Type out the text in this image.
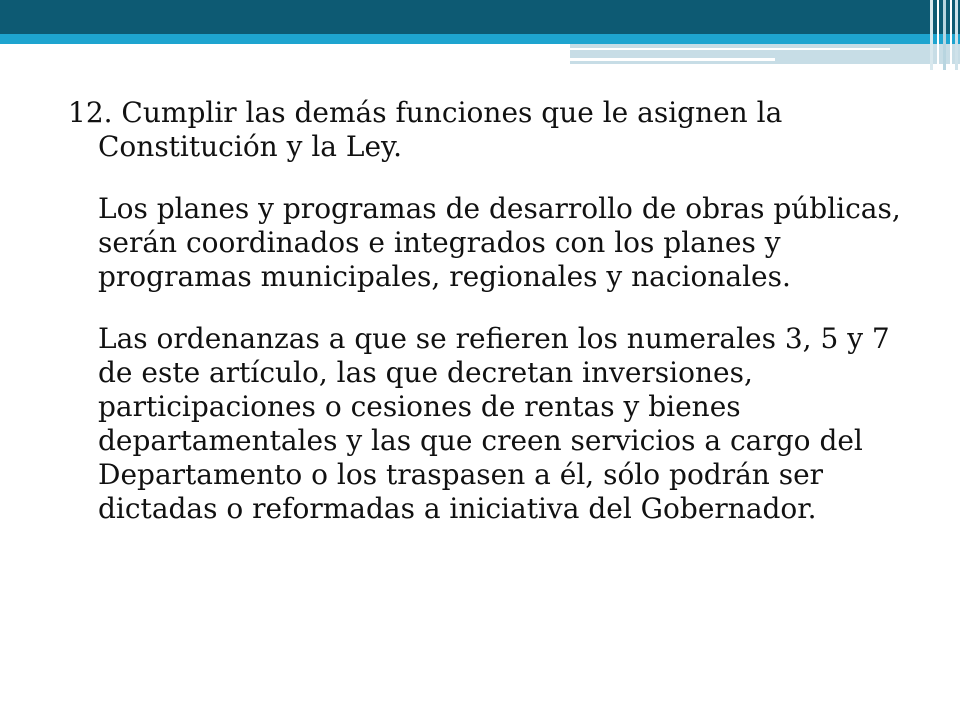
12. Cumplir las demás funciones que le asignen la Constitución y la Ley.

Los planes y programas de desarrollo de obras públicas, serán coordinados e integrados con los planes y programas municipales, regionales y nacionales.

Las ordenanzas a que se refieren los numerales 3, 5 y 7 de este artículo, las que decretan inversiones, participaciones o cesiones de rentas y bienes departamentales y las que creen servicios a cargo del Departamento o los traspasen a él, sólo podrán ser dictadas o reformadas a iniciativa del Gobernador.
